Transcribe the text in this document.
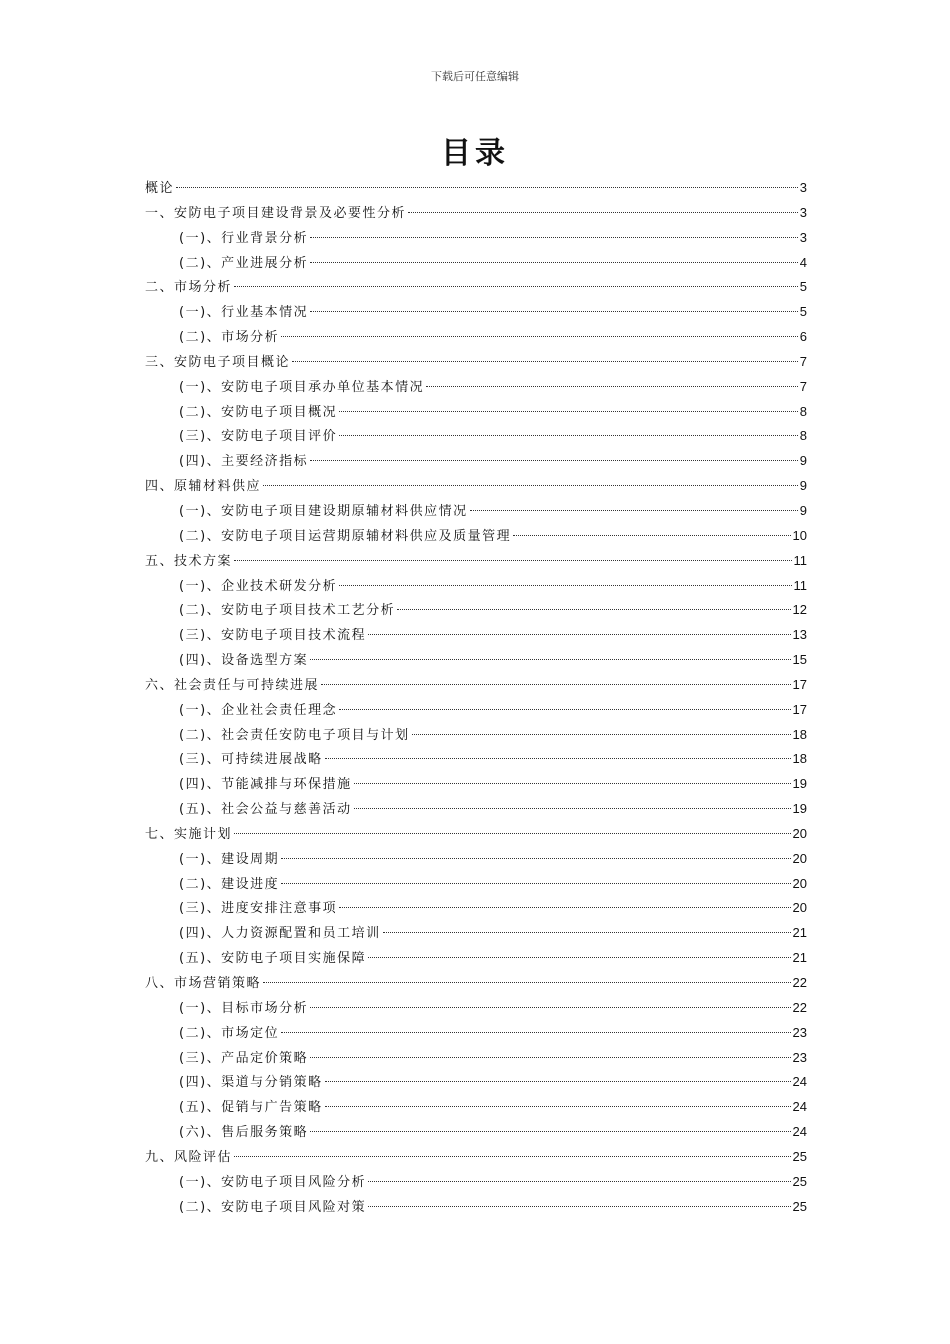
下载后可任意编辑
目录
概论	3
一、安防电子项目建设背景及必要性分析	3
(一)、行业背景分析	3
(二)、产业进展分析	4
二、市场分析	5
(一)、行业基本情况	5
(二)、市场分析	6
三、安防电子项目概论	7
(一)、安防电子项目承办单位基本情况	7
(二)、安防电子项目概况	8
(三)、安防电子项目评价	8
(四)、主要经济指标	9
四、原辅材料供应	9
(一)、安防电子项目建设期原辅材料供应情况	9
(二)、安防电子项目运营期原辅材料供应及质量管理	10
五、技术方案	11
(一)、企业技术研发分析	11
(二)、安防电子项目技术工艺分析	12
(三)、安防电子项目技术流程	13
(四)、设备选型方案	15
六、社会责任与可持续进展	17
(一)、企业社会责任理念	17
(二)、社会责任安防电子项目与计划	18
(三)、可持续进展战略	18
(四)、节能减排与环保措施	19
(五)、社会公益与慈善活动	19
七、实施计划	20
(一)、建设周期	20
(二)、建设进度	20
(三)、进度安排注意事项	20
(四)、人力资源配置和员工培训	21
(五)、安防电子项目实施保障	21
八、市场营销策略	22
(一)、目标市场分析	22
(二)、市场定位	23
(三)、产品定价策略	23
(四)、渠道与分销策略	24
(五)、促销与广告策略	24
(六)、售后服务策略	24
九、风险评估	25
(一)、安防电子项目风险分析	25
(二)、安防电子项目风险对策	25
